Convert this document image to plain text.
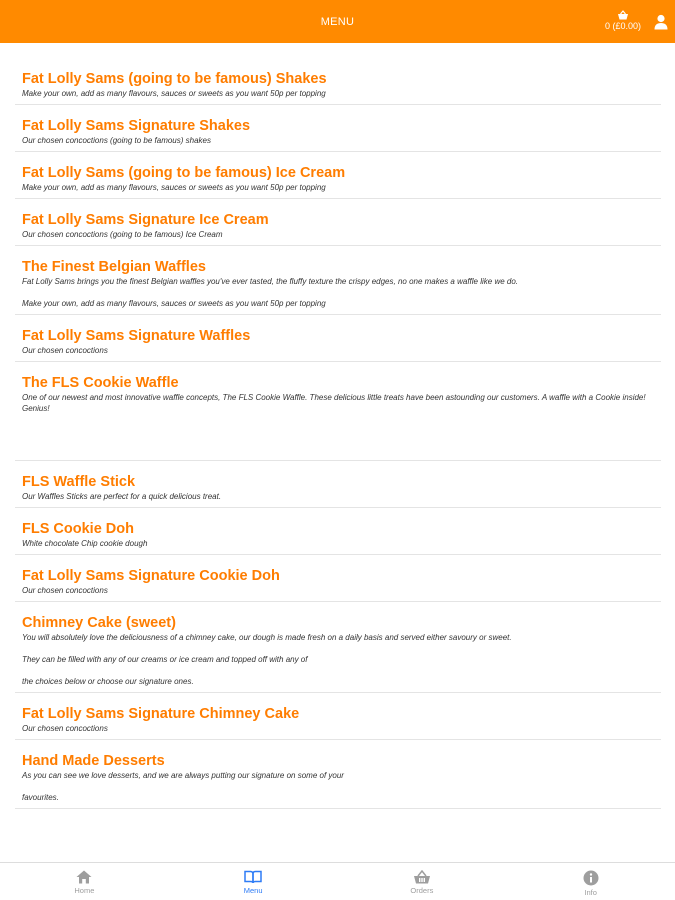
MENU	0 (£0.00)
Fat Lolly Sams (going to be famous) Shakes

Make your own, add as many flavours, sauces or sweets as you want 50p per topping

Fat Lolly Sams Signature Shakes

Our chosen concoctions (going to be famous) shakes

Fat Lolly Sams (going to be famous) Ice Cream

Make your own, add as many flavours, sauces or sweets as you want 50p per topping

Fat Lolly Sams Signature Ice Cream

Our chosen concoctions (going to be famous) Ice Cream

The Finest Belgian Waffles

Fat Lolly Sams brings you the finest Belgian waffles you've ever tasted, the fluffy texture the crispy edges, no one makes a waffle like we do.

Make your own, add as many flavours, sauces or sweets as you want 50p per topping

Fat Lolly Sams Signature Waffles

Our chosen concoctions

The FLS Cookie Waffle

One of our newest and most innovative waffle concepts, The FLS Cookie Waffle. These delicious little treats have been astounding our customers. A waffle with a Cookie inside! Genius!

FLS Waffle Stick

Our Waffles Sticks are perfect for a quick delicious treat.

FLS Cookie Doh

White chocolate Chip cookie dough

Fat Lolly Sams Signature Cookie Doh

Our chosen concoctions

Chimney Cake (sweet)

You will absolutely love the deliciousness of a chimney cake, our dough is made fresh on a daily basis and served either savoury or sweet.

They can be filled with any of our creams or ice cream and topped off with any of

the choices below or choose our signature ones.

Fat Lolly Sams Signature Chimney Cake

Our chosen concoctions

Hand Made Desserts

As you can see we love desserts, and we are always putting our signature on some of your

favourites.

Home	Menu	Orders	Info
